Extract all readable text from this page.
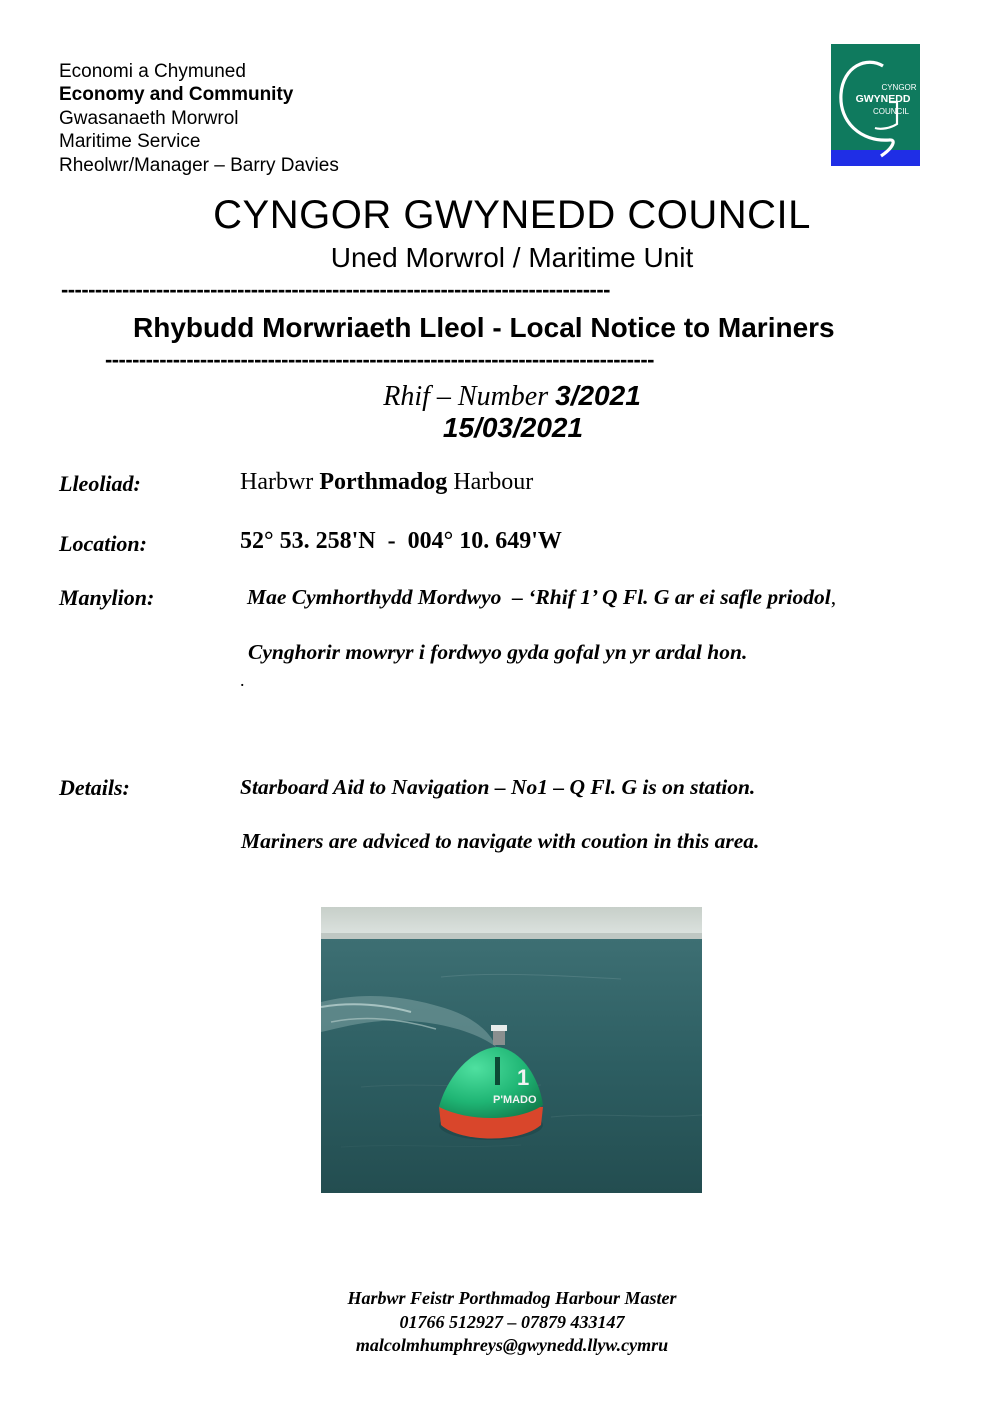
Economi a Chymuned
Economy and Community
Gwasanaeth Morwrol
Maritime Service
Rheolwr/Manager – Barry Davies
CYNGOR
GWYNEDD
COUNCIL
CYNGOR GWYNEDD COUNCIL
Uned Morwrol / Maritime Unit
---------------------------------------------------------------------------------
Rhybudd Morwriaeth Lleol - Local Notice to Mariners
---------------------------------------------------------------------------------
Rhif – Number 3/2021
15/03/2021
Lleoliad:	Harbwr Porthmadog Harbour
Location:	52° 53. 258'N  -  004° 10. 649'W
Manylion:	Mae Cymhorthydd Mordwyo  – ‘Rhif 1’ Q Fl. G ar ei safle priodol,
Cynghorir mowryr i fordwyo gyda gofal yn yr ardal hon.
.
Details:	Starboard Aid to Navigation – No1 – Q Fl. G is on station.
Mariners are adviced to navigate with coution in this area.
1
P'MADO
Harbwr Feistr Porthmadog Harbour Master
01766 512927 – 07879 433147
malcolmhumphreys@gwynedd.llyw.cymru
